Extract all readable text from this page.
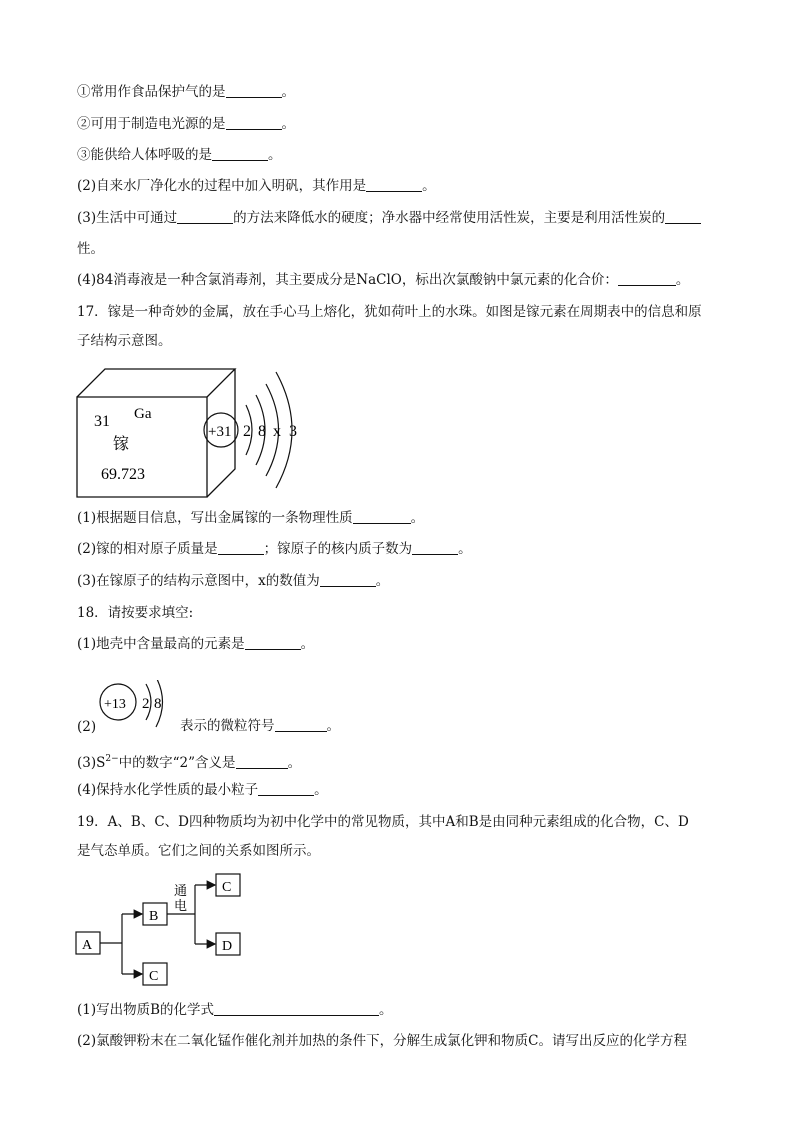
①常用作食品保护气的是	。
②可用于制造电光源的是	。
③能供给人体呼吸的是	。
(2)自来水厂净化水的过程中加入明矾，其作用是	。
(3)生活中可通过	的方法来降低水的硬度；净水器中经常使用活性炭，主要是利用活性炭的
性。
(4)84消毒液是一种含氯消毒剂，其主要成分是NaClO，标出次氯酸钠中氯元素的化合价：	。
17．镓是一种奇妙的金属，放在手心马上熔化，犹如荷叶上的水珠。如图是镓元素在周期表中的信息和原
子结构示意图。
31 Ga
镓
69.723
+31 2 8 x 3
(1)根据题目信息，写出金属镓的一条物理性质	。
(2)镓的相对原子质量是	；镓原子的核内质子数为	。
(3)在镓原子的结构示意图中，x的数值为	。
18．请按要求填空:
(1)地壳中含量最高的元素是	。
+13 2 8
(2)	表示的微粒符号	。
$(3)S^{2-}$中的数字“2”含义是	。
(4)保持水化学性质的最小粒子	。
19．A、B、C、D四种物质均为初中化学中的常见物质，其中A和B是由同种元素组成的化合物，C、D
是气态单质。它们之间的关系如图所示。
A
B
C
C
D
通
电
(1)写出物质B的化学式	。
(2)氯酸钾粉末在二氧化锰作催化剂并加热的条件下，分解生成氯化钾和物质C。请写出反应的化学方程
